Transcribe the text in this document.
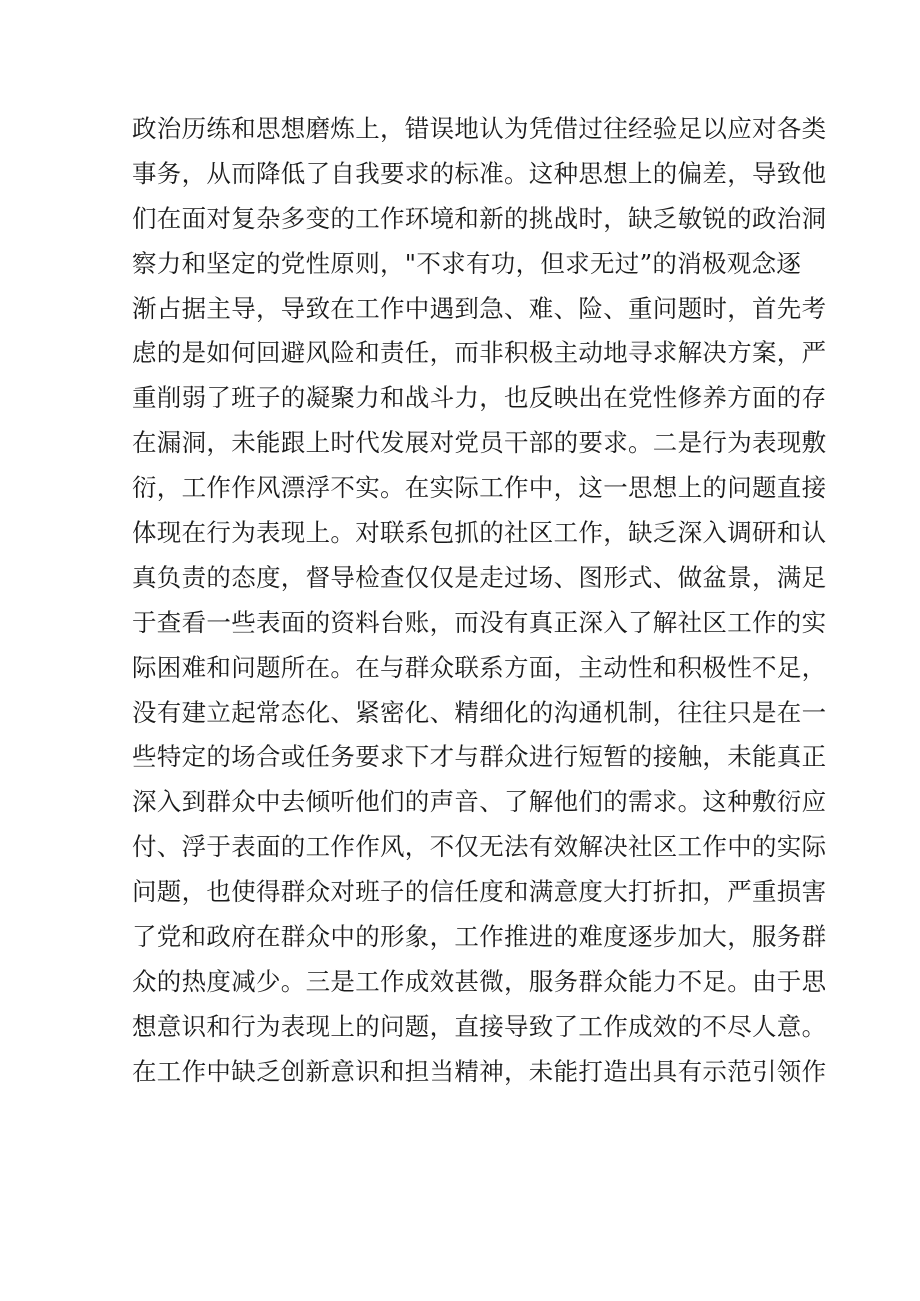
政治历练和思想磨炼上，错误地认为凭借过往经验足以应对各类
事务，从而降低了自我要求的标准。这种思想上的偏差，导致他
们在面对复杂多变的工作环境和新的挑战时，缺乏敏锐的政治洞
察力和坚定的党性原则，"不求有功，但求无过”的消极观念逐
渐占据主导，导致在工作中遇到急、难、险、重问题时，首先考
虑的是如何回避风险和责任，而非积极主动地寻求解决方案，严
重削弱了班子的凝聚力和战斗力，也反映出在党性修养方面的存
在漏洞，未能跟上时代发展对党员干部的要求。二是行为表现敷
衍，工作作风漂浮不实。在实际工作中，这一思想上的问题直接
体现在行为表现上。对联系包抓的社区工作，缺乏深入调研和认
真负责的态度，督导检查仅仅是走过场、图形式、做盆景，满足
于查看一些表面的资料台账，而没有真正深入了解社区工作的实
际困难和问题所在。在与群众联系方面，主动性和积极性不足，
没有建立起常态化、紧密化、精细化的沟通机制，往往只是在一
些特定的场合或任务要求下才与群众进行短暂的接触，未能真正
深入到群众中去倾听他们的声音、了解他们的需求。这种敷衍应
付、浮于表面的工作作风，不仅无法有效解决社区工作中的实际
问题，也使得群众对班子的信任度和满意度大打折扣，严重损害
了党和政府在群众中的形象，工作推进的难度逐步加大，服务群
众的热度减少。三是工作成效甚微，服务群众能力不足。由于思
想意识和行为表现上的问题，直接导致了工作成效的不尽人意。
在工作中缺乏创新意识和担当精神，未能打造出具有示范引领作
